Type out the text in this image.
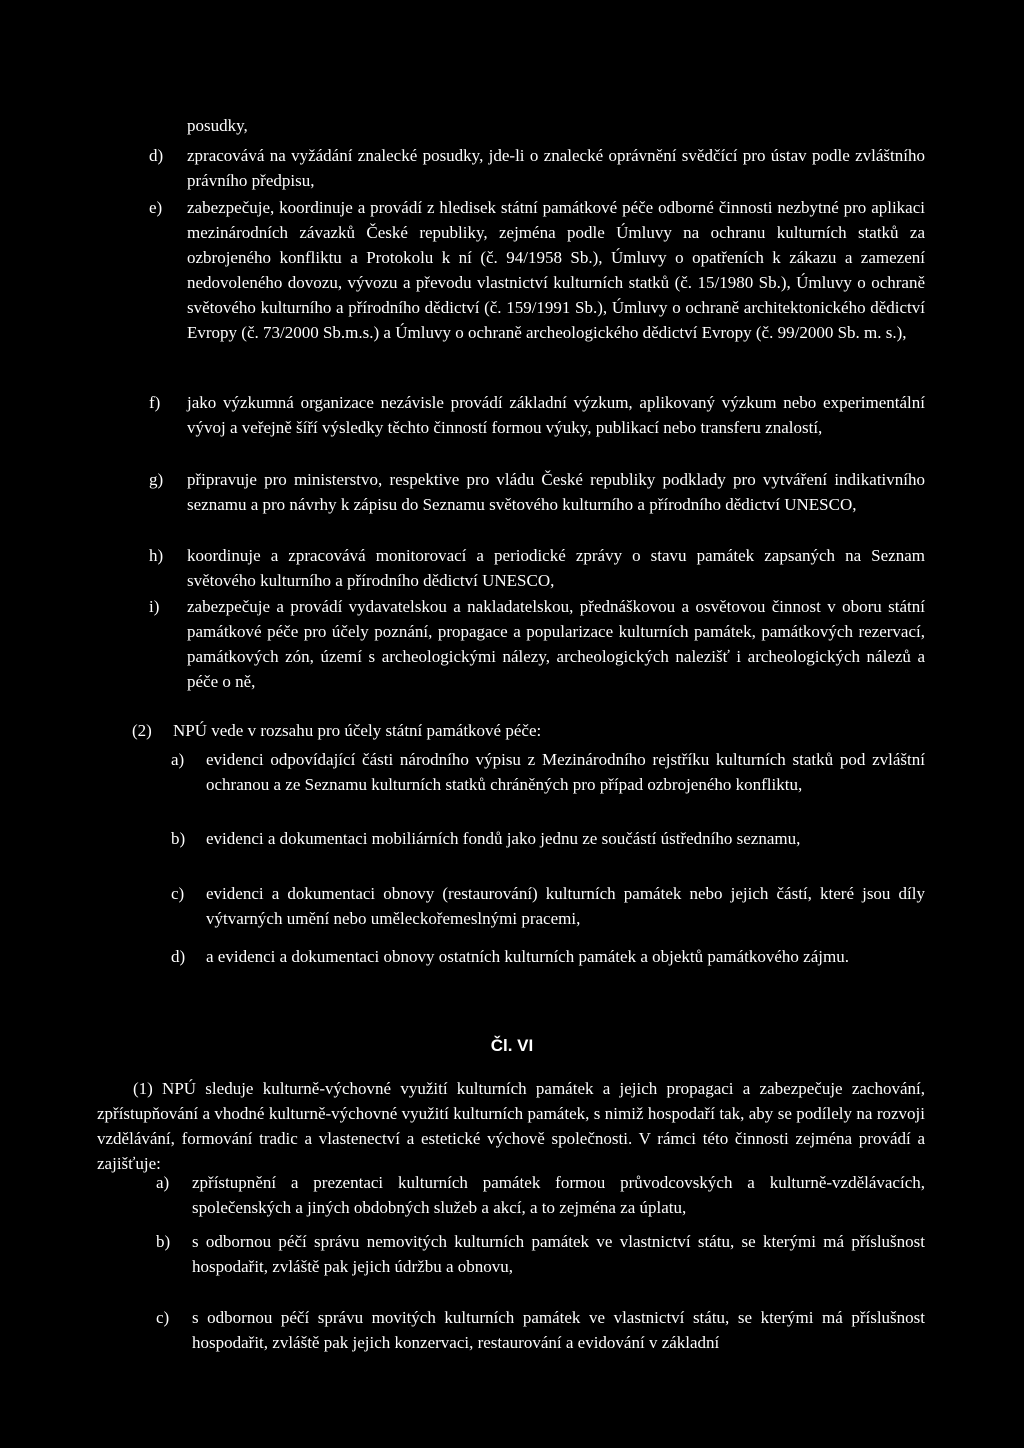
posudky,
d)	zpracovává na vyžádání znalecké posudky, jde-li o znalecké oprávnění svědčící pro ústav podle zvláštního právního předpisu,
e)	zabezpečuje, koordinuje a provádí z hledisek státní památkové péče odborné činnosti nezbytné pro aplikaci mezinárodních závazků České republiky, zejména podle Úmluvy na ochranu kulturních statků za ozbrojeného konfliktu a Protokolu k ní (č. 94/1958 Sb.), Úmluvy o opatřeních k zákazu a zamezení nedovoleného dovozu, vývozu a převodu vlastnictví kulturních statků (č. 15/1980 Sb.), Úmluvy o ochraně světového kulturního a přírodního dědictví (č. 159/1991 Sb.), Úmluvy o ochraně architektonického dědictví Evropy (č. 73/2000 Sb.m.s.) a Úmluvy o ochraně archeologického dědictví Evropy (č. 99/2000 Sb. m. s.),
f)	jako výzkumná organizace nezávisle provádí základní výzkum, aplikovaný výzkum nebo experimentální vývoj a veřejně šíří výsledky těchto činností formou výuky, publikací nebo transferu znalostí,
g)	připravuje pro ministerstvo, respektive pro vládu České republiky podklady pro vytváření indikativního seznamu a pro návrhy k zápisu do Seznamu světového kulturního a přírodního dědictví UNESCO,
h)	koordinuje a zpracovává monitorovací a periodické zprávy o stavu památek zapsaných na Seznam světového kulturního a přírodního dědictví UNESCO,
i)	zabezpečuje a provádí vydavatelskou a nakladatelskou, přednáškovou a osvětovou činnost v oboru státní památkové péče pro účely poznání, propagace a popularizace kulturních památek, památkových rezervací, památkových zón, území s archeologickými nálezy, archeologických nalezišť i archeologických nálezů a péče o ně,
(2)	NPÚ vede v rozsahu pro účely státní památkové péče:
a)	evidenci odpovídající části národního výpisu z Mezinárodního rejstříku kulturních statků pod zvláštní ochranou a ze Seznamu kulturních statků chráněných pro případ ozbrojeného konfliktu,
b)	evidenci a dokumentaci mobiliárních fondů jako jednu ze součástí ústředního seznamu,
c)	evidenci a dokumentaci obnovy (restaurování) kulturních památek nebo jejich částí, které jsou díly výtvarných umění nebo uměleckořemeslnými pracemi,
d)	a evidenci a dokumentaci obnovy ostatních kulturních památek a objektů památkového zájmu.
Čl. VI
(1) NPÚ sleduje kulturně-výchovné využití kulturních památek a jejich propagaci a zabezpečuje zachování, zpřístupňování a vhodné kulturně-výchovné využití kulturních památek, s nimiž hospodaří tak, aby se podílely na rozvoji vzdělávání, formování tradic a vlastenectví a estetické výchově společnosti. V rámci této činnosti zejména provádí a zajišťuje:
a)	zpřístupnění a prezentaci kulturních památek formou průvodcovských a kulturně-vzdělávacích, společenských a jiných obdobných služeb a akcí, a to zejména za úplatu,
b)	s odbornou péčí správu nemovitých kulturních památek ve vlastnictví státu, se kterými má příslušnost hospodařit, zvláště pak jejich údržbu a obnovu,
c)	s odbornou péčí správu movitých kulturních památek ve vlastnictví státu, se kterými má příslušnost hospodařit, zvláště pak jejich konzervaci, restaurování a evidování v základní
